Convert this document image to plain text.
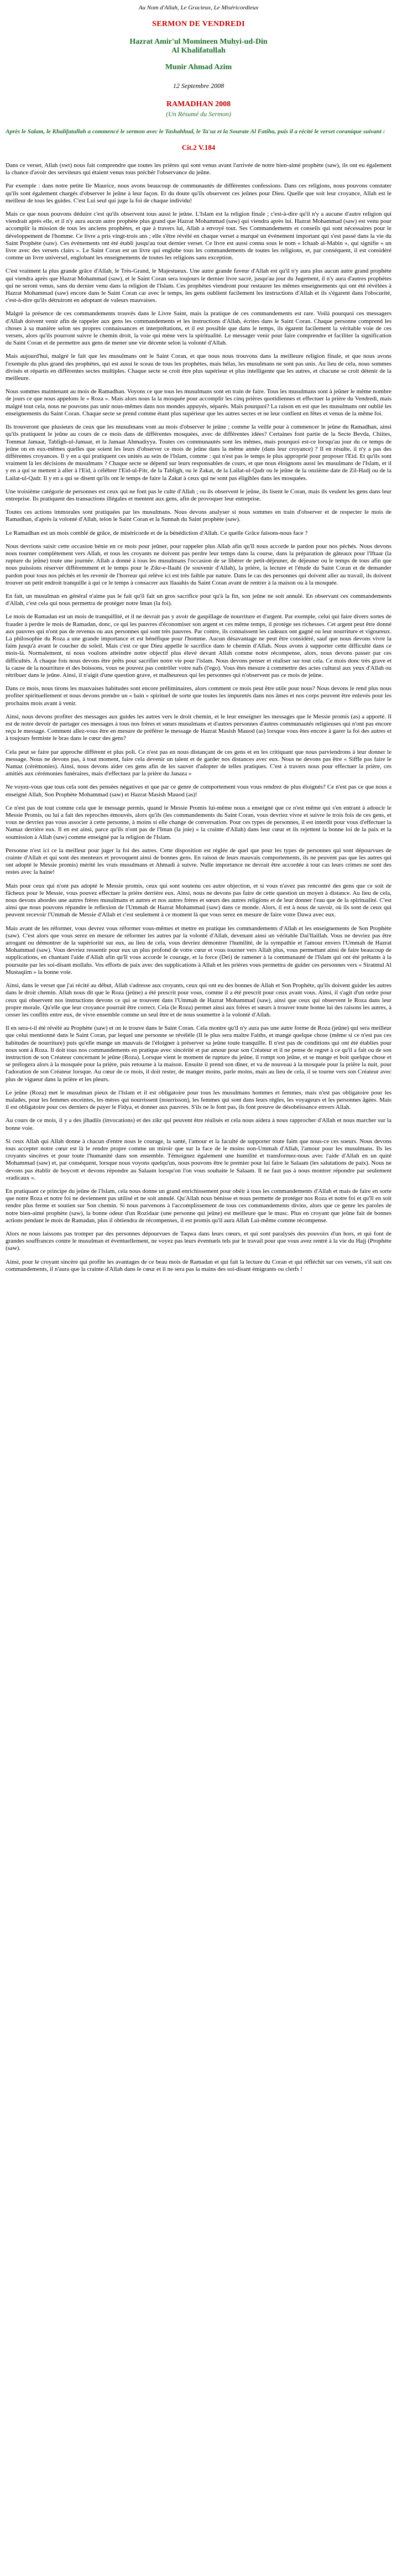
Au Nom d'Allah, Le Gracieux, Le Miséricordieux
SERMON DE VENDREDI
Hazrat Amir'ul Momineen Muhyi-ud-Din
Al Khalifatullah
Munir Ahmad Azim
12 Septembre 2008
RAMADHAN 2008
(Un Résumé du Sermon)
Après le Salam, le Khalifatullah a commencé le sermon avec le Tashahhud, le Ta'uz et la Sourate Al Fatiha, puis il a récité le verset coranique suivant :
Cit.2 V.184

Dans ce verset, Allah (swt) nous fait comprendre que toutes les prières qui sont venus avant l'arrivée de notre bien-aimé prophète (saw), ils ont eu également la chance d'avoir des serviteurs qui étaient venus tous préchér l'observance du jeûne.

Par exemple : dans notre petite Ile Maurice, nous avons beaucoup de communautés de différentes confessions. Dans ces religions, nous pouvons constater qu'ils sont également chargés d'observer le jeûne à leur façon. Et du doute qu'ils observent ces jeûnes pour Dieu. Quelle que soit leur croyance, Allah est le meilleur de tous les guides. C'est Lui seul qui juge la foi de chaque individu!

Mais ce que nous pouvons déduire c'est qu'ils observent tous aussi le jeûne. L'Islam est la religion finale ; c'est-à-dire qu'il n'y a aucune d'autre religion qui viendrait après elle, et il n'y aura aucun autre prophète plus grand que Hazrat Mohammad (saw) qui viendra après lui. Hazrat Mohammad (saw) est venu pour accomplir la mission de tous les anciens prophètes, et que à travers lui, Allah a envoyé tout. Ses Commandements et conseils qui sont nécessaires pour le développement de l'homme. Ce livre a pris vingt-trois ans ; elle s'être révélé en chaque verset a marqué un événement important qui s'est passé dans la vie du Saint Prophète (saw). Ces événements ont été établi jusqu'au tout dernier verset. Ce livre est aussi connu sous le nom « Ichaab al-Mabin », qui signifie « un livre avec des versets clairs ». Le Saint Coran est un livre qui englobe tous les commandements de toutes les religions, et, par conséquent, il est considéré comme un livre universel, englobant les enseignements de toutes les religions sans exception.

C'est vraiment la plus grande grâce d'Allah, le Très-Grand, le Majestueux. Une autre grande faveur d'Allah est qu'il n'y aura plus aucun autre grand prophète qui viendra après que Hazrat Mohammad (saw), et le Saint Coran sera toujours le dernier livre sacré, jusqu'au jour du Jugement, il n'y aura d'autres prophètes qui ne seront venus, sans du dernier venu dans la religion de l'Islam. Ces prophètes viendront pour restaurer les mêmes enseignements qui ont été révélées à Hazrat Mohammad (saw) encore dans le Saint Coran car avec le temps, les gens oublient facilement les instructions d'Allah et ils s'égarent dans l'obscurité, c'est-à-dire qu'ils détruiront en adoptant de valeurs mauvaises.

Malgré la présence de ces commandements trouvés dans le Livre Saint, mais la pratique de ces commandements est rare. Voilà pourquoi ces messagers d'Allah doivent venir afin de rappeler aux gens les commandements et les instructions d'Allah, écrites dans le Saint Coran. Chaque personne comprend les choses à sa manière selon ses propres connaissances et interprétations, et il est possible que dans le temps, ils égarent facilement la véritable voie de ces versets, alors qu'ils pourront suivre le chemin droit, la voie qui mène vers la spiritualité. Le messager venir pour faire comprendre et faciliter la signification du Saint Coran et de permettre aux gens de mener une vie décente selon la volonté d'Allah.

Mais aujourd'hui, malgré le fait que les musulmans ont le Saint Coran, et que nous nous trouvons dans la meilleure religion finale, et que nous avons l'exemple du plus grand des prophètes, qui est aussi le sceau de tous les prophètes, mais hélas, les musulmans ne sont pas unis. Au lieu de cela, nous sommes divisés et répartis en différentes sectes multiples. Chaque secte se croit être plus supérieur et plus intelligente que les autres, et chacune se croit détenir de la meilleure.

Nous sommes maintenant au mois de Ramadhan. Voyons ce que tous les musulmans sont en train de faire. Tous les musulmans sont à jeûner le même nombre de jours ce que nous appelons le « Roza ». Mais alors nous la la mosquée pour accomplir les cinq prières quotidiennes et effectuer la prière du Vendredi, mais malgré tout cela, nous ne pouvons pas unir nous-mêmes dans nos mondes appuyés, séparés. Mais pourquoi? La raison en est que les musulmans ont oublié les enseignements du Saint Coran. Chaque secte se prend comme étant plus supérieur que les autres sectes et ne leur confient en fêtes et venus de la même foi.

Ils trouveront que plusieurs de ceux que les musulmans vont au mois d'observer le jeûne ; comme la veille pour à commencer le jeûne du Ramadhan, ainsi qu'ils pratiquent le jeûne au cours de ce mois dans de différentes mosquées, avec de différentes idées? Certaines font partie de la Secte Bevda, Chiites, Tommat Jamaat, Tabligh-ul-Jamaat, et la Jamaat Ahmadiyya. Toutes ces communautés sont les mêmes, mais pourquoi est-ce lorsqu'au jour du ce temps de jeûne on en eux-mêmes quelles que soient les leurs d'observer ce mois de jeûne dans la même année (dans leur croyance) ? Il en résulte, il n'y a pas des différentes croyances. Il y en a qui pratiquent ces unités au sein de l'Islam, comme : qui n'est pas le temps le plus approprié pour proposer l'Eid. Et qu'ils sont vraiment là les décisions de musulmans ? Chaque secte se dépend sur leurs responsables de cours, et que nous éloignons aussi les musulmans de l'Islam, et il y en a qui se mettent à aller à l'Eid, à célébrer l'Eid-ul-Fitr, de la Tabligh, ou le Zakat, de la Lailat-ul-Qadr ou le jeûne de la onzième date de Zil-Hadj ou de la Lailat-ul-Qadr. Il y en a qui se disent qu'ils ont le temps de faire la Zakat à ceux qui ne sont pas éligibles dans les mosquées.

Une troisième catégorie de personnes est ceux qui ne font pas le culte d'Allah ; ou ils observent le jeûne, ils lisent le Coran, mais ils veulent les gens dans leur entreprise. Ils pratiquent des transactions illégales et mentent aux gens, afin de provoquer leur entreprise.

Toutes ces actions immorales sont pratiquées par les musulmans. Nous devons analyser si nous sommes en train d'observer et de respecter le mois de Ramadhan, d'après la volonté d'Allah, telon le Saint Coran et la Sunnah du Saint prophète (saw).

Le Ramadhan est un mois comblé de grâce, de miséricorde et de la bénédiction d'Allah. Ce quelle Grâce faisons-nous face ?

Nous devrions saisir cette occasion bénie en ce mois pour jeûner, pour rappeler plus Allah afin qu'Il nous accorde le pardon pour nos péchés. Nous devons nous tourner complètement vers Allah, et tous les croyants ne doivent pas perdre leur temps dans la course, dans la préparation de gâteaux pour l'Iftaar (la rupture du jeûne) toute une journée. Allah a donné à tous les musulmans l'occasion de se libérer de petit-déjeuner, de déjeuner ou le temps de tous afin que nous puissions réserver différemment et le temps pour le Zikr-e-Ilaahi (le souvenir d'Allah), la prière, la lecture et l'étude du Saint Coran et de demander pardon pour tous nos péchés et les revenir de l'horreur qui relève ici est très faible par nature. Dans le cas des personnes qui doivent aller au travail, ils doivent trouver un petit endroit tranquille à qui ce le temps à consacrer aux Ilaaahis du Saint Coran avant de rentrer à la maison ou à la mosquée.

En fait, un musulman en général n'aime pas le fait qu'il fait un gros sacrifice pour qu'à la fin, son jeûne ne soit annulé. En observant ces commandements d'Allah, c'est cela qui nous permettra de protéger notre Iman (la foi).

Le mois de Ramadan est un mois de tranquillité, et il ne devrait pas y avoir de gaspillage de nourriture et d'argent. Par exemple, celui qui faire divers sortes de frauder à perdre le mois de Ramadan, donc, ce qui les pauvres d'économiser son argent et ces même temps, il protège ses richesses. Cet argent peut être donné aux pauvres qui n'ont pas de revenus ou aux personnes qui sont très pauvres. Par contre, ils connaissent les cadeaux ont gagné ou leur nourriture et vigoureux. La philosophie du Roza a une grande importance et est bénéfique pour l'homme. Aucun désavantage ne peut être considéré, sauf que nous devons vivre la faim jusqu'à avant le coucher du soleil. Mais c'est ce que Dieu appelle le sacrifice dans le chemin d'Allah. Nous avons à supporter cette difficulté dans ce mois-là. Normalement, ni nous voulons atteindre notre objectif plus élevé devant Allah comme notre récompense, alors, nous devons passer par ces difficultés. À chaque fois nous devons être prêts pour sacrifier notre vie pour l'islam. Nous devons penser et réaliser sur tout cela. Ce mois donc très grave et la cause de la nourriture et des boissons, vous ne pouvez pas contrôler votre nafs (l'ego). Vous êtes mesure à commettre des actes cultural aux yeux d'Allah ou rétribuer dans le jeûne. Ainsi, il n'aigit d'une question grave, et malheureux qui les personnes qui n'observent pas ce mois de jeûne.

Dans ce mois, nous tirons les mauvaises habitudes sont encore préliminaires, alors comment ce mois peut être utile pour nous? Nous devons le rend plus nous profiter spirituellement et nous devons prendre un « bain » spirituel de sorte que toutes les impuretés dans nos âmes et nos corps peuvent être enlevés pour les prochains mois avant à venir.

Ainsi, nous devons profiter des messages aux guides les autres vers le droit chemin, et le leur enseigner les messages que le Messie promis (as) a apporté. Il est de notre devoir de partager ces messages à tous nos frères et sœurs musulmans et d'autres personnes d'autres communautés religieuses qui n'ont pas encore reçu le message. Comment allez-vous être en mesure de préférer le message de Hazrat Masish Mauod (as) lorsque vous êtes encore à garer la foi des autres et à toujours fermiste le bras dans le cœur des gens?

Cela peut se faire par approche différent et plus poli. Ce n'est pas en nous distançant de ces gens et en les critiquant que nous parviendrons à leur donner le message. Nous ne devons pas, à tout moment, faire cela devenir un talent et de garder nos distances avec eux. Nous ne devons pas être « Siffle pas faire le Namaz (cérémonies). Ainsi, nous devons aider ces gens afin de les sauver d'adopter de telles pratiques. C'est à travers nous pour effectuer la prière, ces amitiés aux cérémonies funéraires, mais d'effectuez par la prière du Janaza »

Ne voyez-vous que tous cela sont des pensées négatives et que par ce genre de comportement vous vous rendrez de plus éloignés? Ce n'est pas ce que nous a enseigné Allah, Son Prophète Mohammad (saw) et Hazrat Masish Mauod (as)!

Ce n'est pas de tout comme cela que le message permis, quand le Messie Promis lui-même nous a enseigné que ce n'est même qui s'en entrant à adoucir le Messie Promis, ou lui a fait des reproches émouvés, alors qu'ils (les commandements du Saint Coran, vous devriez vivre et suivre le trois fois de ces gens, et vous ne devriez pas vous associer à cette personne, à moins si elle change de conversation. Pour ces types de personnes, il est interdit pour vous d'effectuer la Namaz derrière eux. Il en est ainsi, parce qu'ils n'ont pas de l'Iman (la joie) « la crainte d'Allah) dans leur cœur et ils rejettent la bonne loi de la paix et la soumission à Allah (saw) comme enseigné par la religion de l'Islam.

Personne n'est ici ce la meilleur pour juger la foi des autres. Cette disposition est réglée de quel que pour les types de personnes qui sont dépourvues de crainte d'Allah et qui sont des menteurs et provoquent ainsi de bonnes gens. En raison de leurs mauvais comportements, ils ne peuvent pas que les autres qui ont adopté le Messie promis) mérité les vrais musulmans et Ahmadi à suivre. Nulle importance ne devrait être accordée à tout cas leurs crimes ne sont des restes avec la haine!

Mais pour ceux qui n'ont pas adopté le Messie promis, ceux qui sont soutenu ces autre objection, et si vous n'avez pas rencontré des gens que ce soit de fâcheux pour le Messie, vous pouvez effectuer la prière derrière eux. Ainsi, nous ne devons pas faire de cette question un moyen à distance. Au lieu de cela, nous devons abordes une autres frères musulmans et autres et nos autres frères et sœurs des autres religions et de leur donner l'eau que de la spiritualité. C'est ainsi que nous pouvons répandre le reflexion de l'Ummah de Hazrat Mohammad (saw) dans ce monde. Alors, il est à nous de savoir, où ils sont de ceux qui peuvent recevoir l'Ummah de Messie d'Allah et c'est seulement à ce moment là que vous serez en mesure de faire votre Dawa avec eux.

Mais avant de les réformer, vous devrez vous réformer vous-mêmes et mettre en pratique les commandements d'Allah et les enseignements de Son Prophète (saw). C'est alors que vous serez en mesure de réformer les autres par la volonté d'Allah, devenant ainsi un véritable Dai'Ilaillah. Vous ne devriez pas être arrogant ou démontrer de la supériorité sur eux, au lieu de cela, vous devriez démontrer l'humilité, de la sympathie et l'amour envers l'Ummah de Hazrat Mohammad (saw). Vous devriez ressentir pour eux un plus profond de votre cœur et vous tourner vers Allah plus, vous permettant ainsi de faire beaucoup de supplications, en chantant l'aide d'Allah afin qu'Il vous accorde le courage, et la force (Dei) de ramener à la communauté de l'Islam qui ont été prêtants à la poursuite par les soi-disant mollahs. Vos efforts de paix avec des supplications à Allah et les prières vous permettra de guider ces personnes vers « Siratmul Al Mustaqiim » la bonne voie.

Ainsi, dans le verset que j'ai récité au début, Allah s'adresse aux croyants, ceux qui ont eu des bonnes de Allah et Son Prophète, qu'ils doivent guider les autres dans le droit chemin. Allah nous dit que le Roza (jeûne) a été prescrit pour vous, comme il a été prescrit pour ceux avant vous. Ainsi, il s'agit d'un ordre pour ceux qui observent nos instructions devons ce qui se trouvent dans l'Ummah de Hazrat Mohammad (saw), ainsi que ceux qui observent le Roza dans leur propre morale. Qu'elle que leur croyance pourrait être correct. Cela (le Roza) permet ainsi aux frères et sœurs à trouver toute bonne lui des raisons les autres, à cesser les conflits entre eux, de vivre ensemble comme un seul être et de nous soumettre à la volonté d'Allah.

Il en sera-t-il été révélé au Prophète (saw) et on le trouve dans le Saint Coran. Cela montre qu'il n'y aura pas une autre forme de Roza (jeûne) qui sera meilleur que celui mentionné dans le Saint Coran, par lequel une personne se révélèle (Il le plus sera maître Faiths, et mange quelque chose (même si ce n'est pas ces habitudes de nourriture) puis qu'elle mange un mauvais de l'éloigner à préserver sa jeûne toute tranquille. Il n'est pas de conditions qui ont été établies pour nous sont à Roza. Il doit tous nos commandements en pratique avec sincérité et par amour pour son Créateur et il ne pense de regret à ce qu'il a fait ou de son instruction de son Créateur concernant le jeûne (Roza). Lorsque vient le moment de rupture du jeûne, il rompt son jeûne, et se mange et boit quelque chose et se prélogera alors à la mosquée pour la prière, puis retourne à la maison. Ensuite il prend son dîner, et va de nouveau à la mosquée pour la prière la nuit, pour l'adoration de son Créateur lorsque. Au cœur de ce mois, il doit rester, de manger moins, parle moins, mais au lieu de cela, il se tourne vers son Créateur avec plus de vigueur dans la prière et les pleurs.

Le jeûne (Roza) met le musulman pieux de l'Islam et il est obligatoire pour tous les musulmans hommes et femmes, mais n'est pas obligatoire pour les malades, pour les femmes enceintes, les mères qui nourrissent (nourrisson), les femmes qui sont dans leurs règles, les voyageurs et les personnes âgées. Mais il est obligatoire pour ces derniers de payer le Fidya, et donner aux pauvres. S'ils ne le font pas, ils font preuve de désobéissance envers Allah.

Au cours de ce mois, il y a des jihadiis (invocations) et des zikr qui peuvent être réalisés et cela nous aidera à nous rapprocher d'Allah et nous marcher sur la bonne voie.

Si ceux Allah qui Allah donne à chacun d'entre nous le courage, la santé, l'amour et la faculté de supporter toute faim que nous-ce ces soeurs. Nous devons tous accepter notre cœur est là le rendre propre comme un miroir que sur la face de le moins non-Ummah d'Allah, l'amour pour les musulmans. Ils les croyants sincères et pour toute l'humanité dans son ensemble. Témoignez également une humilité et transformez-nous avec l'aide d'Allah en un quité Mohammad (saw) et, par conséquent, lorsque nous voyons quelqu'un, nous pouvons être le premier pour lui faire le Salaam (les salutations de paix). Nous ne devons pas établir de boycott et devons répondre au Salaam lorsqu'on l'on vous souhaite le Salaam. Il ne faut pas à nous montrer répondre par seulement «radicaux ».

En pratiquant ce principe du jeûne de l'Islam, cela nous donne un grand enrichissement pour obéir à tous les commandements d'Allah et mais de faire en sorte que notre Roza et notre foi ne deviennent pas utilisé et ne soit annulé. Qu'Allah nous bénisse et nous permette de protéger nos Roza et notre foi et qu'Il en soit rendre plus ferme et soutien sur Son chemin. Si nous parvenons à l'accomplissement de tous ces commandements divins, alors que ce genre les paroles de notre bien-aimé prophète (saw), la bonne odeur d'un Rozidaar (une personne qui jeûne) est meilleure que le musc. Plus en croyant que jeûne fait de bonnes actions pendant le mois de Ramadan, plus il obtiendra de récompenses, il est promis qu'il aura Allah Lui-même comme récompense.

Alors ne nous laissons pas tromper par des personnes dépourvues de Taqwa dans leurs cœurs, et qui sont paralysés des pouvoirs d'un hors, et qui font de grandes souffrances contre le musulman et éventuellement, ne voyez pas leurs éventuels tels par le travail pour que vous avez rentré à la vie du Hajj (Prophète (saw).

Ainsi, pour le croyant sincère qui profite les avantages de ce beau mois de Ramadan et qui fait la lecture du Coran et qui réfléchit sur ces versets, s'il suit ces commandements, il n'aura que la crainte d'Allah dans le cœur et il ne sera pas la mains des soi-disant émigrants ou clerfs !
